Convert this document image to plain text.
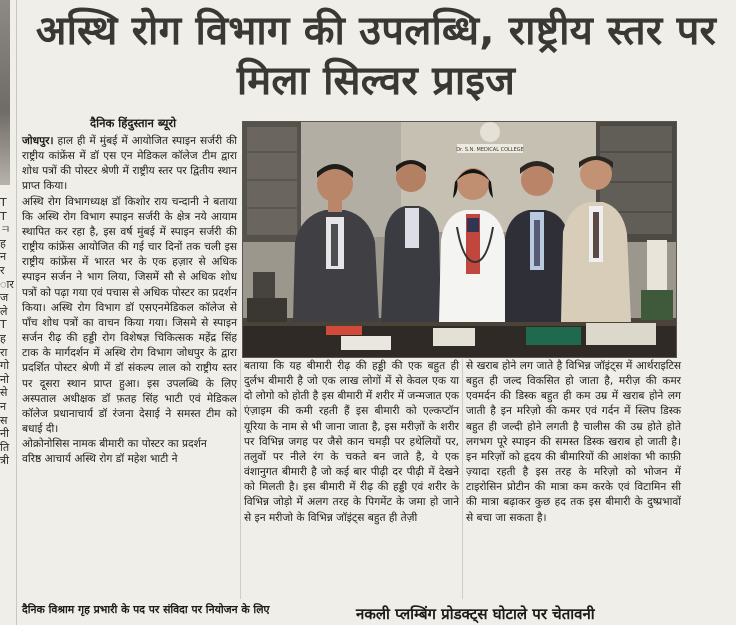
T
T
ㅋ
ह
न
र
ार
ज
ले
T
ह
रा
गो
नो
से
न
स
नी
ति
त्री
अस्थि रोग विभाग की उपलब्धि, राष्ट्रीय स्तर पर मिला सिल्वर प्राइज
दैनिक हिंदुस्तान ब्यूरो

जोधपुर। हाल ही में मुंबई में आयोजित स्पाइन सर्जरी की राष्ट्रीय कांफ्रेंस में डॉ एस एन मेडिकल कॉलेज टीम द्वारा शोध पत्रों की पोस्टर श्रेणी में राष्ट्रीय स्तर पर द्वितीय स्थान प्राप्त किया।

अस्थि रोग विभागध्यक्ष डॉ किशोर राय चन्दानी ने बताया कि अस्थि रोग विभाग स्पाइन सर्जरी के क्षेत्र नये आयाम स्थापित कर रहा है, इस वर्ष मुंबई में स्पाइन सर्जरी की राष्ट्रीय कांफ्रेंस आयोजित की गई चार दिनों तक चली इस राष्ट्रीय कांफ्रेंस में भारत भर के एक हज़ार से अधिक स्पाइन सर्जन ने भाग लिया, जिसमें सौ से अधिक शोध पत्रों को पढ़ा गया एवं पचास से अधिक पोस्टर का प्रदर्शन किया। अस्थि रोग विभाग डॉ एसएनमेडिकल कॉलेज से पाँच शोध पत्रों का वाचन किया गया। जिसमे से स्पाइन सर्जन रीढ़ की हड्डी रोग विशेषज्ञ चिकित्सक महेंद्र सिंह टाक के मार्गदर्शन में अस्थि रोग विभाग जोधपुर के द्वारा प्रदर्शित पोस्टर श्रेणी में डॉ संकल्प लाल को राष्ट्रीय स्तर पर दूसरा स्थान प्राप्त हुआ। इस उपलब्धि के लिए अस्पताल अधीक्षक डॉ फ़तह सिंह भाटी एवं मेडिकल कॉलेज प्रधानाचार्य डॉ रंजना देसाई ने समस्त टीम को बधाई दी।

ओक्रोनोसिस नामक बीमारी का पोस्टर का प्रदर्शन

वरिष्ठ आचार्य अस्थि रोग डॉ महेश भाटी ने

Dr. S.N. MEDICAL COLLEGE

बताया कि यह बीमारी रीढ़ की हड्डी की एक बहुत ही दुर्लभ बीमारी है जो एक लाख लोगों में से केवल एक या दो लोगो को होती है इस बीमारी में शरीर में जन्मजात एक एंज़ाइम की कमी रहती हैं इस बीमारी को एल्कप्टॉन यूरिया के नाम से भी जाना जाता है, इस मरीज़ों के शरीर पर विभिन्न जगह पर जैसे कान चमड़ी पर हथेलियों पर, तलुवों पर नीले रंग के चकते बन जाते है, ये एक वंशानुगत बीमारी है जो कई बार पीढ़ी दर पीढ़ी में देखने को मिलती है। इस बीमारी में रीढ़ की हड्डी एवं शरीर के विभिन्न जोड़ो में अलग तरह के पिगमेंट के जमा हो जाने से इन मरीजो के विभिन्न जॉइंट्स बहुत ही तेज़ी

से खराब होने लग जाते है विभिन्न जॉइंट्स में आर्थराइटिस बहुत ही जल्द विकसित हो जाता है, मरीज़ की कमर एवमर्दन की डिस्क बहुत ही कम उम्र में खराब होने लग जाती है इन मरिज़ो की कमर एवं गर्दन में स्लिप डिस्क बहुत ही जल्दी होने लगती है चालीस की उम्र होते होते लगभग पूरे स्पाइन की समस्त डिस्क खराब हो जाती है। इन मरिज़ों को हृदय की बीमारियों की आशंका भी काफ़ी ज़्यादा रहती है इस तरह के मरिज़ो को भोजन में टाइरोसिन प्रोटीन की मात्रा कम करके एवं विटामिन सी की मात्रा बढ़ाकर कुछ हद तक इस बीमारी के दुष्प्रभावों से बचा जा सकता है।

दैनिक विश्राम गृह प्रभारी के पद पर संविदा पर नियोजन के लिए	नकली प्लम्बिंग प्रोडक्ट्स घोटाले पर चेतावनी
